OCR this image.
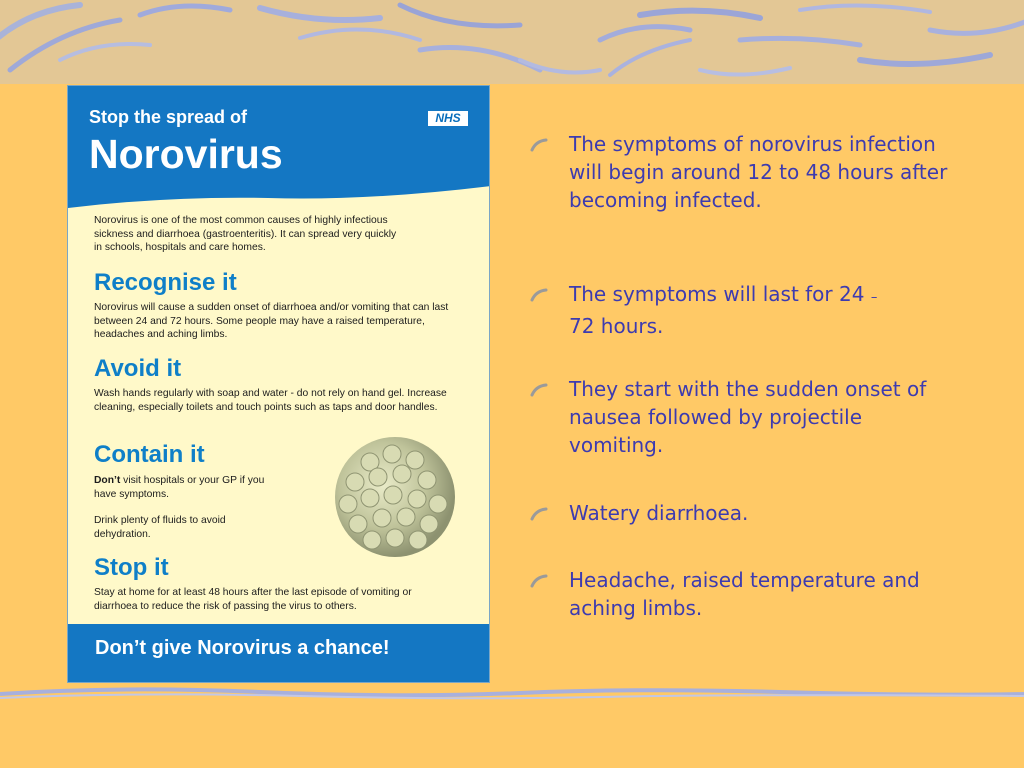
Stop the spread of
Norovirus
NHS
Norovirus is one of the most common causes of highly infectious sickness and diarrhoea (gastroenteritis). It can spread very quickly in schools, hospitals and care homes.
Recognise it
Norovirus will cause a sudden onset of diarrhoea and/or vomiting that can last between 24 and 72 hours. Some people may have a raised temperature, headaches and aching limbs.
Avoid it
Wash hands regularly with soap and water - do not rely on hand gel. Increase cleaning, especially toilets and touch points such as taps and door handles.
Contain it
Don’t visit hospitals or your GP if you have symptoms.
Drink plenty of fluids to avoid dehydration.
Stop it
Stay at home for at least 48 hours after the last episode of vomiting or diarrhoea to reduce the risk of passing the virus to others.
Don’t give Norovirus a chance!
The symptoms of norovirus infection will begin around 12 to 48 hours after becoming infected.
The symptoms will last for 24 –
72 hours.
They start with the sudden onset of nausea followed by projectile vomiting.
Watery diarrhoea.
Headache, raised temperature and aching limbs.
